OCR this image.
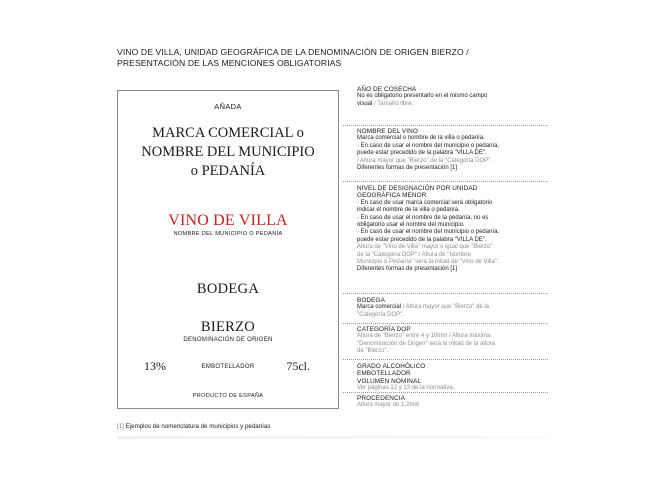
VINO DE VILLA, UNIDAD GEOGRÁFICA DE LA DENOMINACIÓN DE ORIGEN BIERZO /
PRESENTACIÓN DE LAS MENCIONES OBLIGATORIAS
AÑADA
MARCA COMERCIAL o
NOMBRE DEL MUNICIPIO
o PEDANÍA
VINO DE VILLA
NOMBRE DEL MUNICIPIO O PEDANÍA
BODEGA
BIERZO
DENOMINACIÓN DE ORIGEN
13%	EMBOTELLADOR	75cl.
PRODUCTO DE ESPAÑA

AÑO DE COSECHA

No es obligatorio presentarlo en el mismo campo

visual / Tamaño libre.

NOMBRE DEL VINO

Marca comercial o nombre de la villa o pedanía.

· En caso de usar el nombre del municipio o pedanía,

puede estar precedido de la palabra "VILLA DE".

/ Altura mayor que "Bierzo" de la "Categoría DOP".

Diferentes formas de presentación [1]

NIVEL DE DESIGNACIÓN POR UNIDAD

GEOGRÁFICA MENOR

· En caso de usar marca comercial será obligatorio

indicar el nombre de la villa o pedanía.

· En caso de usar el nombre de la pedanía, no es

obligatorio usar el nombre del municipio.

· En caso de usar el nombre del municipio o pedanía,

puede estar precedido de la palabra "VILLA DE".

Altura de "Vino de Villa" mayor o igual que "Bierzo"

de la "Categoría DOP" / Altura de "Nombre

Municipio o Pedanía" será la mitad de "Vino de Villa".

Diferentes formas de presentación [1]

BODEGA

Marca comercial / Altura mayor que "Bierzo" de la

"Categoría DOP".

CATEGORÍA DOP

Altura de "Bierzo" entre 4 y 10mm / Altura máxima

"Denominación de Origen" será la mitad de la altura

de "Bierzo".

GRADO ALCOHÓLICO

EMBOTELLADOR

VOLUMEN NOMINAL

Ver páginas 12 y 13 de la normativa.

PROCEDENCIA

Altura mayor de 1,2mm

[1] Ejemplos de nomenclatura de municipios y pedanías
